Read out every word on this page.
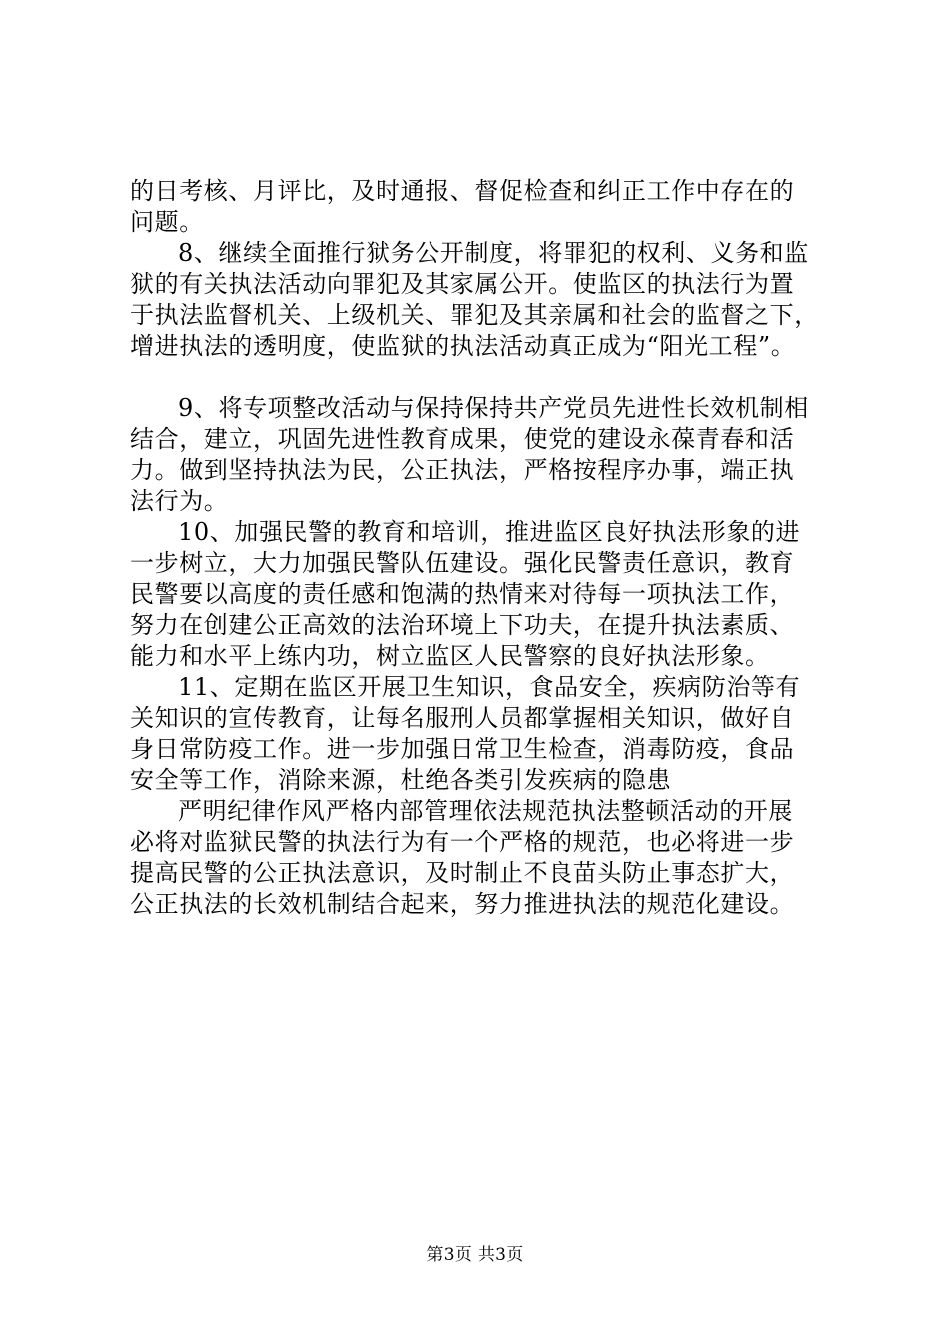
的日考核、月评比，及时通报、督促检查和纠正工作中存在的
问题。
8、继续全面推行狱务公开制度，将罪犯的权利、义务和监
狱的有关执法活动向罪犯及其家属公开。使监区的执法行为置
于执法监督机关、上级机关、罪犯及其亲属和社会的监督之下，
增进执法的透明度，使监狱的执法活动真正成为“阳光工程”。
9、将专项整改活动与保持保持共产党员先进性长效机制相
结合，建立，巩固先进性教育成果，使党的建设永葆青春和活
力。做到坚持执法为民，公正执法，严格按程序办事，端正执
法行为。
10、加强民警的教育和培训，推进监区良好执法形象的进
一步树立，大力加强民警队伍建设。强化民警责任意识，教育
民警要以高度的责任感和饱满的热情来对待每一项执法工作，
努力在创建公正高效的法治环境上下功夫，在提升执法素质、
能力和水平上练内功，树立监区人民警察的良好执法形象。
11、定期在监区开展卫生知识，食品安全，疾病防治等有
关知识的宣传教育，让每名服刑人员都掌握相关知识，做好自
身日常防疫工作。进一步加强日常卫生检查，消毒防疫，食品
安全等工作，消除来源，杜绝各类引发疾病的隐患
严明纪律作风严格内部管理依法规范执法整顿活动的开展
必将对监狱民警的执法行为有一个严格的规范，也必将进一步
提高民警的公正执法意识，及时制止不良苗头防止事态扩大，
公正执法的长效机制结合起来，努力推进执法的规范化建设。
第3页 共3页
